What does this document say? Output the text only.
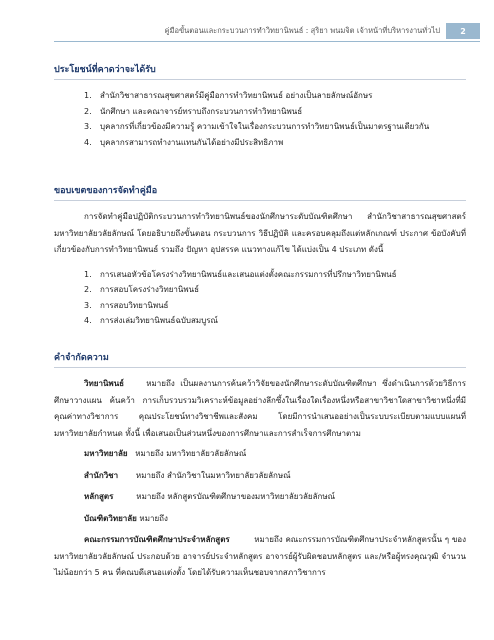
คู่มือขั้นตอนและกระบวนการทำวิทยานิพนธ์ : สุริยา พนมจิต เจ้าหน้าที่บริหารงานทั่วไป	2
ประโยชน์ที่คาดว่าจะได้รับ
1.	สำนักวิชาสาธารณสุขศาสตร์มีคู่มือการทำวิทยานิพนธ์ อย่างเป็นลายลักษณ์อักษร
2.	นักศึกษา และคณาจารย์ทราบถึงกระบวนการทำวิทยานิพนธ์
3.	บุคลากรที่เกี่ยวข้องมีความรู้ ความเข้าใจในเรื่องกระบวนการทำวิทยานิพนธ์เป็นมาตรฐานเดียวกัน
4.	บุคลากรสามารถทำงานแทนกันได้อย่างมีประสิทธิภาพ
ขอบเขตของการจัดทำคู่มือ
การจัดทำคู่มือปฏิบัติกระบวนการทำวิทยานิพนธ์ของนักศึกษาระดับบัณฑิตศึกษา สำนักวิชาสาธารณสุขศาสตร์ มหาวิทยาลัยวลัยลักษณ์ โดยอธิบายถึงขั้นตอน กระบวนการ วิธีปฏิบัติ และครอบคลุมถึงแต่หลักเกณฑ์ ประกาศ ข้อบังคับที่เกี่ยวข้องกับการทำวิทยานิพนธ์ รวมถึง ปัญหา อุปสรรค แนวทางแก้ไข ได้แบ่งเป็น 4 ประเภท ดังนี้
1.	การเสนอหัวข้อโครงร่างวิทยานิพนธ์และเสนอแต่งตั้งคณะกรรมการที่ปรึกษาวิทยานิพนธ์
2.	การสอบโครงร่างวิทยานิพนธ์
3.	การสอบวิทยานิพนธ์
4.	การส่งเล่มวิทยานิพนธ์ฉบับสมบูรณ์
คำจำกัดความ
วิทยานิพนธ์	หมายถึง เป็นผลงานการค้นคว้าวิจัยของนักศึกษาระดับบัณฑิตศึกษา ซึ่งดำเนินการด้วยวิธีการศึกษาวางแผน ค้นคว้า การเก็บรวบรวมวิเคราะห์ข้อมูลอย่างลึกซึ้งในเรื่องใดเรื่องหนึ่งหรือสาขาวิชาใดสาขาวิชาหนึ่งที่มีคุณค่าทางวิชาการ คุณประโยชน์ทางวิชาชีพและสังคม โดยมีการนำเสนออย่างเป็นระบบระเบียบตามแบบแผนที่มหาวิทยาลัยกำหนด ทั้งนี้ เพื่อเสนอเป็นส่วนหนึ่งของการศึกษาและการสำเร็จการศึกษาตาม
มหาวิทยาลัย หมายถึง มหาวิทยาลัยวลัยลักษณ์
สำนักวิชา หมายถึง สำนักวิชาในมหาวิทยาลัยวลัยลักษณ์
หลักสูตร	หมายถึง หลักสูตรบัณฑิตศึกษาของมหาวิทยาลัยวลัยลักษณ์
บัณฑิตวิทยาลัย หมายถึง
คณะกรรมการบัณฑิตศึกษาประจำหลักสูตร	หมายถึง คณะกรรมการบัณฑิตศึกษาประจำหลักสูตรนั้น ๆ ของมหาวิทยาลัยวลัยลักษณ์ ประกอบด้วย อาจารย์ประจำหลักสูตร อาจารย์ผู้รับผิดชอบหลักสูตร และ/หรือผู้ทรงคุณวุฒิ จำนวนไม่น้อยกว่า 5 คน ที่คณบดีเสนอแต่งตั้ง โดยได้รับความเห็นชอบจากสภาวิชาการ
